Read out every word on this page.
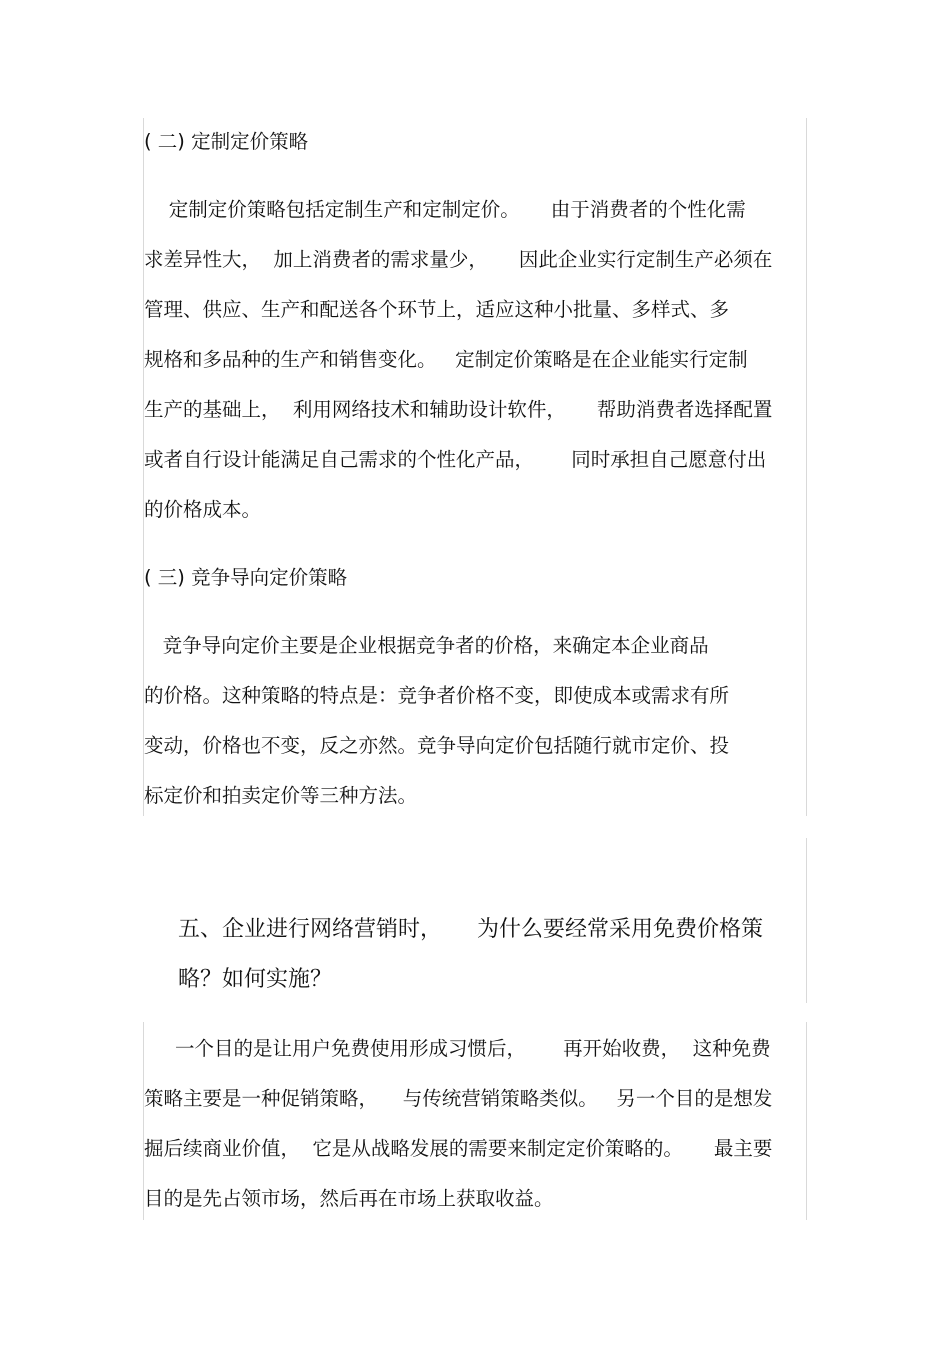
( 二) 定制定价策略

定制定价策略包括定制生产和定制定价。     由于消费者的个性化需

求差异性大，  加上消费者的需求量少，     因此企业实行定制生产必须在

管理、供应、生产和配送各个环节上，适应这种小批量、多样式、多

规格和多品种的生产和销售变化。   定制定价策略是在企业能实行定制

生产的基础上，  利用网络技术和辅助设计软件，     帮助消费者选择配置

或者自行设计能满足自己需求的个性化产品，      同时承担自己愿意付出

的价格成本。

( 三) 竞争导向定价策略

竞争导向定价主要是企业根据竞争者的价格，来确定本企业商品

的价格。这种策略的特点是：竞争者价格不变，即使成本或需求有所

变动，价格也不变，反之亦然。竞争导向定价包括随行就市定价、投

标定价和拍卖定价等三种方法。

五、企业进行网络营销时，     为什么要经常采用免费价格策

略？如何实施？

一个目的是让用户免费使用形成习惯后，      再开始收费，  这种免费

策略主要是一种促销策略，    与传统营销策略类似。   另一个目的是想发

掘后续商业价值，  它是从战略发展的需要来制定定价策略的。     最主要

目的是先占领市场，然后再在市场上获取收益。
